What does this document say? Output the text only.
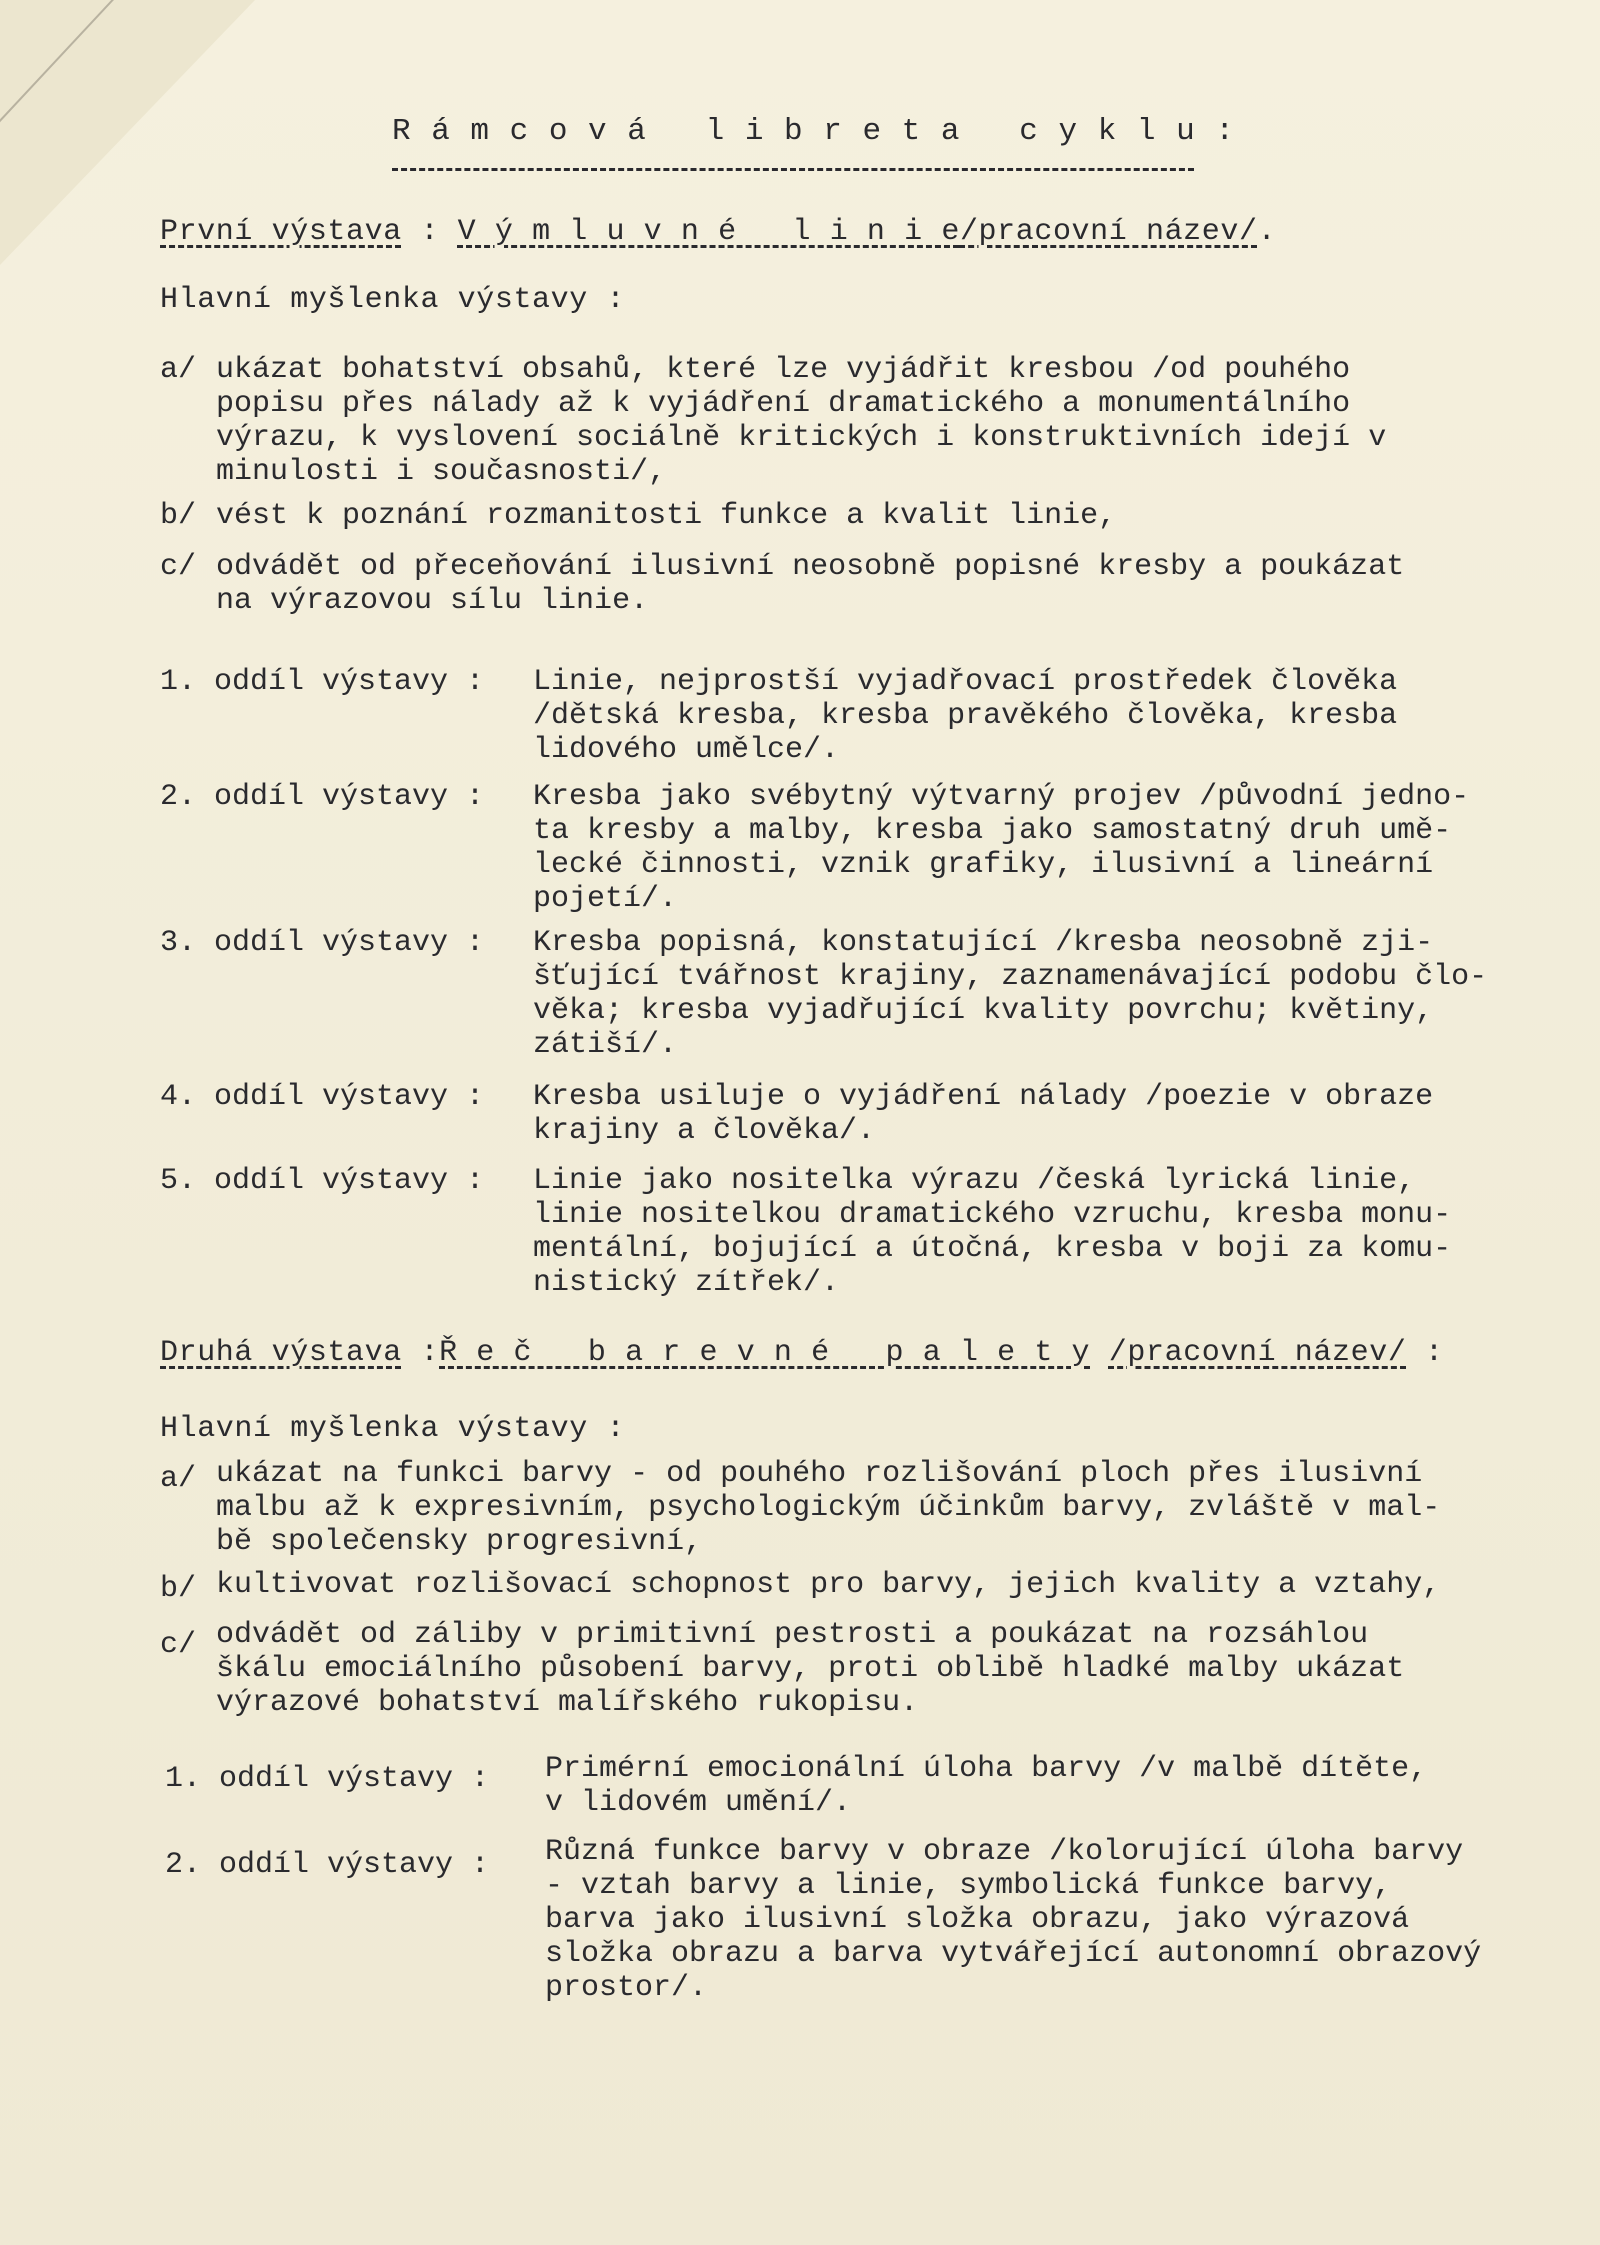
R á m c o v á   l i b r e t a   c y k l u :
První výstava : V ý m l u v n é   l i n i e/pracovní název/.
Hlavní myšlenka výstavy :
a/ ukázat bohatství obsahů, které lze vyjádřit kresbou /od pouhého
popisu přes nálady až k vyjádření dramatického a monumentálního
výrazu, k vyslovení sociálně kritických i konstruktivních idejí v
minulosti i současnosti/,
b/ vést k poznání rozmanitosti funkce a kvalit linie,
c/ odvádět od přeceňování ilusivní neosobně popisné kresby a poukázat
na výrazovou sílu linie.
1. oddíl výstavy : Linie, nejprostší vyjadřovací prostředek člověka
/dětská kresba, kresba pravěkého člověka, kresba
lidového umělce/.
2. oddíl výstavy : Kresba jako svébytný výtvarný projev /původní jedno-
ta kresby a malby, kresba jako samostatný druh umě-
lecké činnosti, vznik grafiky, ilusivní a lineární
pojetí/.
3. oddíl výstavy : Kresba popisná, konstatující /kresba neosobně zji-
šťující tvářnost krajiny, zaznamenávající podobu člo-
věka; kresba vyjadřující kvality povrchu; květiny,
zátiší/.
4. oddíl výstavy : Kresba usiluje o vyjádření nálady /poezie v obraze
krajiny a člověka/.
5. oddíl výstavy : Linie jako nositelka výrazu /česká lyrická linie,
linie nositelkou dramatického vzruchu, kresba monu-
mentální, bojující a útočná, kresba v boji za komu-
nistický zítřek/.
Druhá výstava :Ř e č   b a r e v n é   p a l e t y /pracovní název/ :
Hlavní myšlenka výstavy :
a/ ukázat na funkci barvy - od pouhého rozlišování ploch přes ilusivní
malbu až k expresivním, psychologickým účinkům barvy, zvláště v mal-
bě společensky progresivní,
b/ kultivovat rozlišovací schopnost pro barvy, jejich kvality a vztahy,
c/ odvádět od záliby v primitivní pestrosti a poukázat na rozsáhlou
škálu emociálního působení barvy, proti oblibě hladké malby ukázat
výrazové bohatství malířského rukopisu.
1. oddíl výstavy : Primérní emocionální úloha barvy /v malbě dítěte,
v lidovém umění/.
2. oddíl výstavy : Různá funkce barvy v obraze /kolorující úloha barvy
- vztah barvy a linie, symbolická funkce barvy,
barva jako ilusivní složka obrazu, jako výrazová
složka obrazu a barva vytvářející autonomní obrazový
prostor/.
